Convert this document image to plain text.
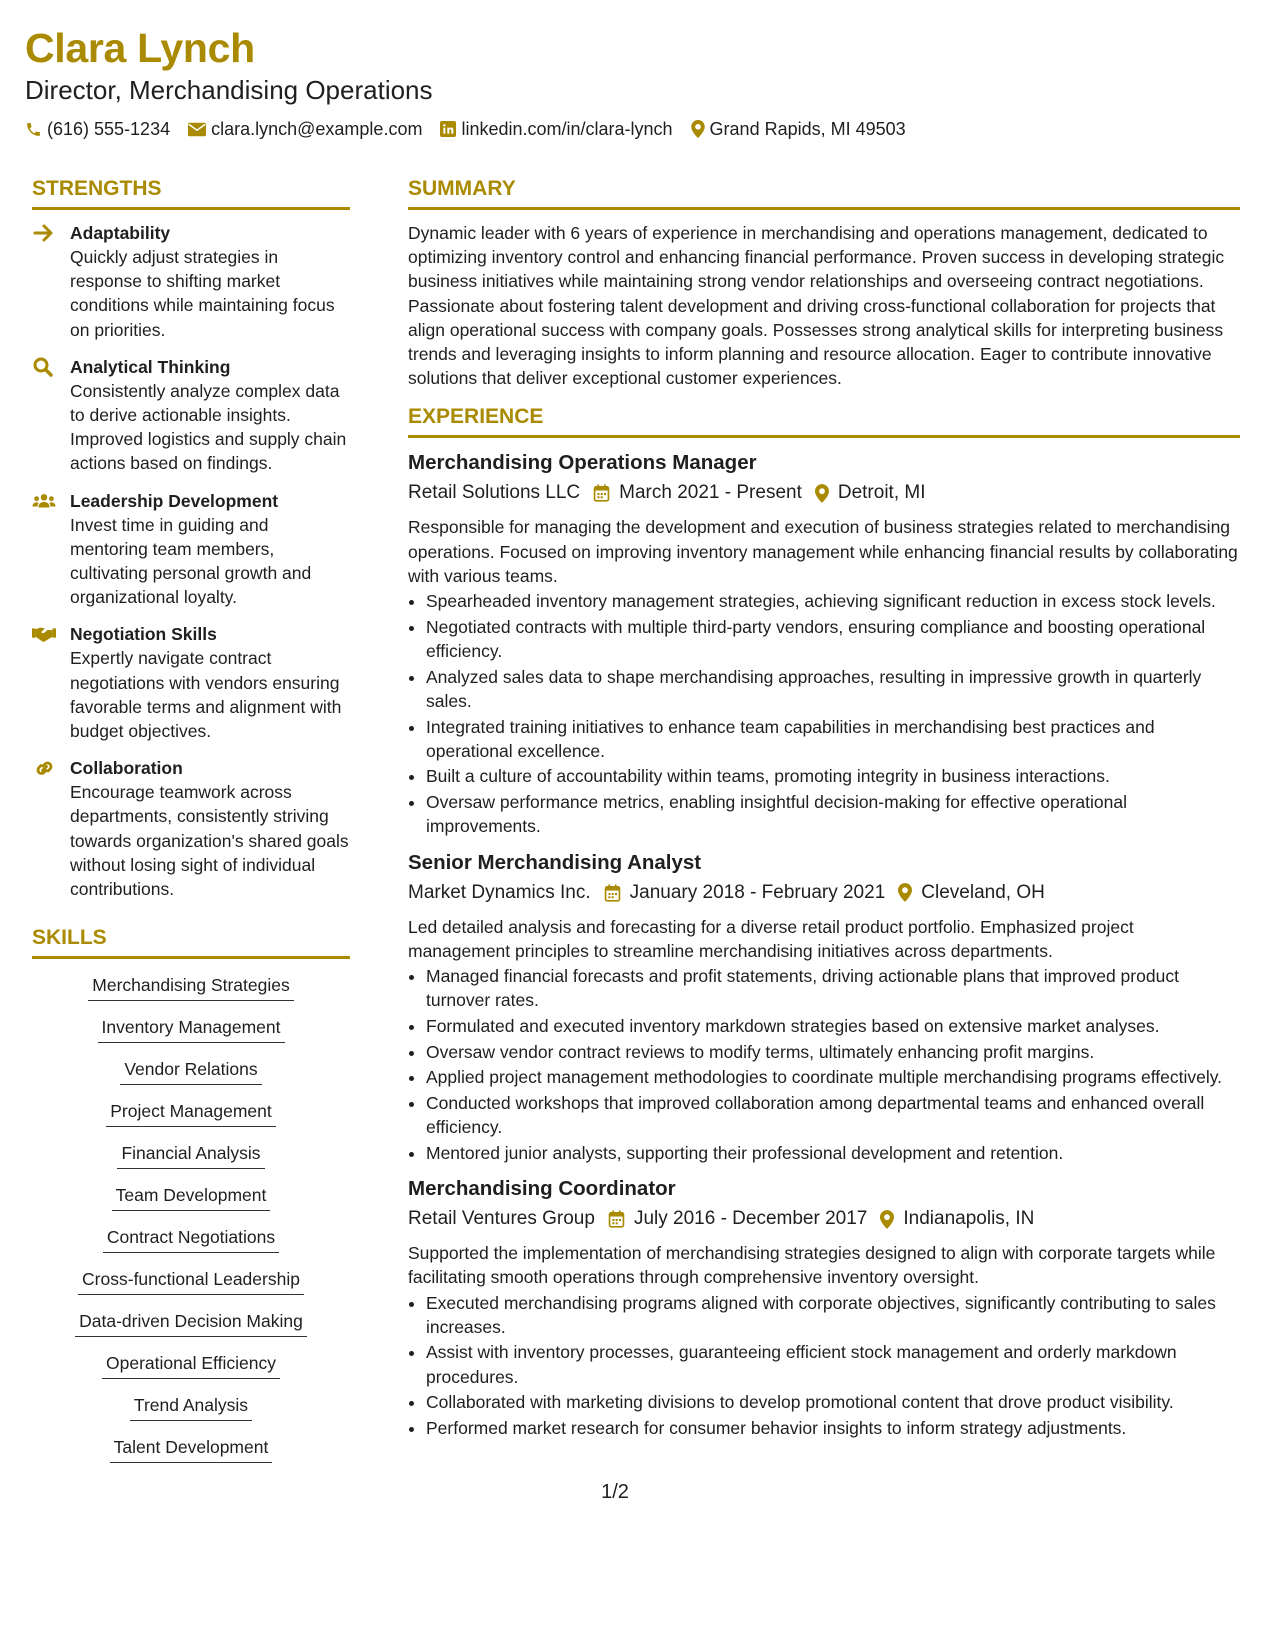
Clara Lynch
Director, Merchandising Operations
(616) 555-1234 clara.lynch@example.com linkedin.com/in/clara-lynch Grand Rapids, MI 49503
STRENGTHS
Adaptability
Quickly adjust strategies in response to shifting market conditions while maintaining focus on priorities.
Analytical Thinking
Consistently analyze complex data to derive actionable insights. Improved logistics and supply chain actions based on findings.
Leadership Development
Invest time in guiding and mentoring team members, cultivating personal growth and organizational loyalty.
Negotiation Skills
Expertly navigate contract negotiations with vendors ensuring favorable terms and alignment with budget objectives.
Collaboration
Encourage teamwork across departments, consistently striving towards organization's shared goals without losing sight of individual contributions.
SKILLS
Merchandising Strategies
Inventory Management
Vendor Relations
Project Management
Financial Analysis
Team Development
Contract Negotiations
Cross-functional Leadership
Data-driven Decision Making
Operational Efficiency
Trend Analysis
Talent Development
SUMMARY

Dynamic leader with 6 years of experience in merchandising and operations management, dedicated to optimizing inventory control and enhancing financial performance. Proven success in developing strategic business initiatives while maintaining strong vendor relationships and overseeing contract negotiations. Passionate about fostering talent development and driving cross-functional collaboration for projects that align operational success with company goals. Possesses strong analytical skills for interpreting business trends and leveraging insights to inform planning and resource allocation. Eager to contribute innovative solutions that deliver exceptional customer experiences.

EXPERIENCE
Merchandising Operations Manager
Retail Solutions LLC March 2021 - Present Detroit, MI

Responsible for managing the development and execution of business strategies related to merchandising operations. Focused on improving inventory management while enhancing financial results by collaborating with various teams.

• Spearheaded inventory management strategies, achieving significant reduction in excess stock levels.
• Negotiated contracts with multiple third-party vendors, ensuring compliance and boosting operational efficiency.
• Analyzed sales data to shape merchandising approaches, resulting in impressive growth in quarterly sales.
• Integrated training initiatives to enhance team capabilities in merchandising best practices and operational excellence.
• Built a culture of accountability within teams, promoting integrity in business interactions.
• Oversaw performance metrics, enabling insightful decision-making for effective operational improvements.
Senior Merchandising Analyst
Market Dynamics Inc. January 2018 - February 2021 Cleveland, OH

Led detailed analysis and forecasting for a diverse retail product portfolio. Emphasized project management principles to streamline merchandising initiatives across departments.

• Managed financial forecasts and profit statements, driving actionable plans that improved product turnover rates.
• Formulated and executed inventory markdown strategies based on extensive market analyses.
• Oversaw vendor contract reviews to modify terms, ultimately enhancing profit margins.
• Applied project management methodologies to coordinate multiple merchandising programs effectively.
• Conducted workshops that improved collaboration among departmental teams and enhanced overall efficiency.
• Mentored junior analysts, supporting their professional development and retention.
Merchandising Coordinator
Retail Ventures Group July 2016 - December 2017 Indianapolis, IN

Supported the implementation of merchandising strategies designed to align with corporate targets while facilitating smooth operations through comprehensive inventory oversight.

• Executed merchandising programs aligned with corporate objectives, significantly contributing to sales increases.
• Assist with inventory processes, guaranteeing efficient stock management and orderly markdown procedures.
• Collaborated with marketing divisions to develop promotional content that drove product visibility.
• Performed market research for consumer behavior insights to inform strategy adjustments.
1/2
